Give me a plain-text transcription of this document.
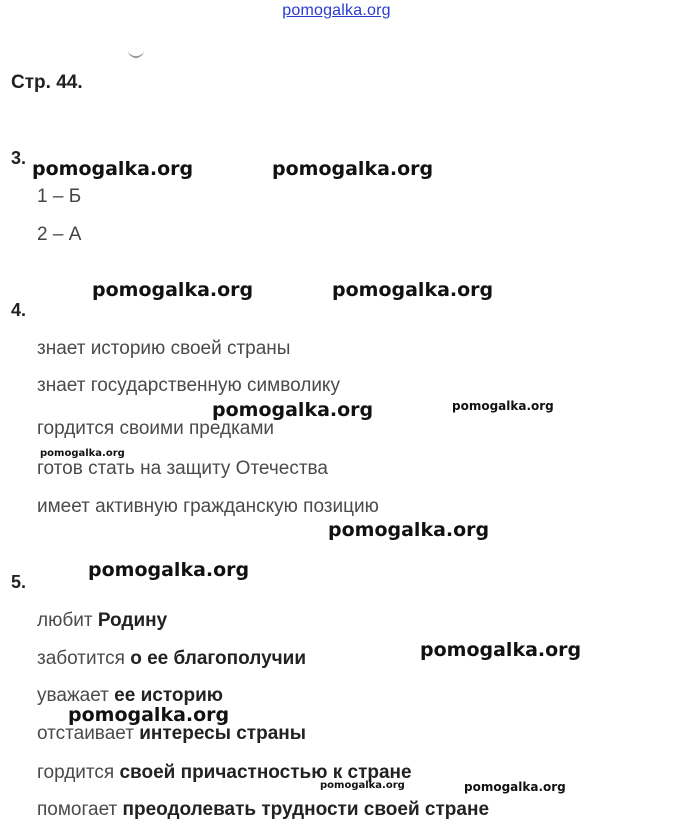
pomogalka.org
Стр. 44.
3.
1 – Б
2 – А
4.
знает историю своей страны
знает государственную символику
гордится своими предками
готов стать на защиту Отечества
имеет активную гражданскую позицию
5.
любит Родину
заботится о ее благополучии
уважает ее историю
отстаивает интересы страны
гордится своей причастностью к стране
помогает преодолевать трудности своей стране
pomogalka.org	pomogalka.org
pomogalka.org	pomogalka.org
pomogalka.org	pomogalka.org
pomogalka.org
pomogalka.org
pomogalka.org
pomogalka.org
pomogalka.org
pomogalka.org
pomogalka.org
